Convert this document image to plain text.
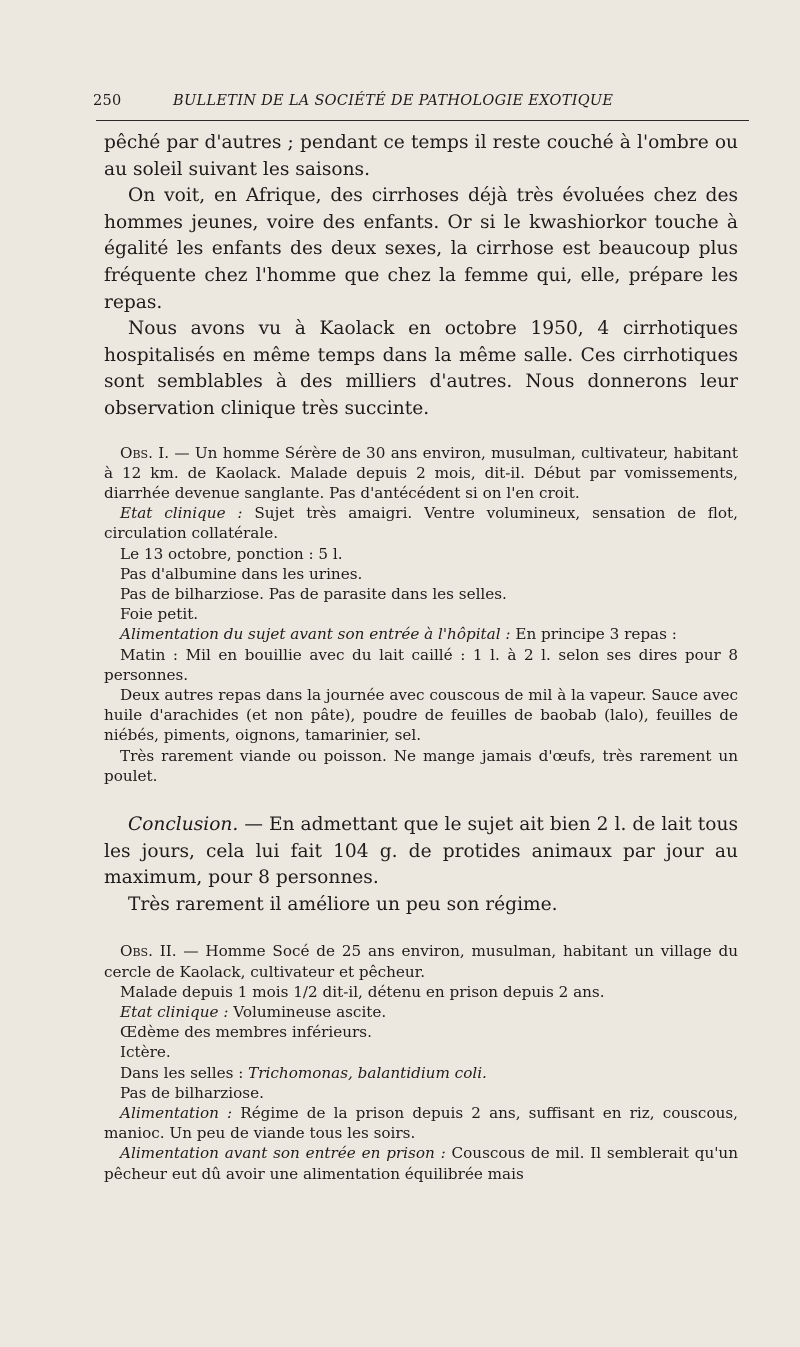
250	BULLETIN DE LA SOCIÉTÉ DE PATHOLOGIE EXOTIQUE

pêché par d'autres ; pendant ce temps il reste couché à l'ombre ou au soleil suivant les saisons.

On voit, en Afrique, des cirrhoses déjà très évoluées chez des hommes jeunes, voire des enfants. Or si le kwashiorkor touche à égalité les enfants des deux sexes, la cirrhose est beaucoup plus fréquente chez l'homme que chez la femme qui, elle, prépare les repas.

Nous avons vu à Kaolack en octobre 1950, 4 cirrhotiques hospitalisés en même temps dans la même salle. Ces cirrhotiques sont semblables à des milliers d'autres. Nous donnerons leur observation clinique très succinte.

Obs. I. — Un homme Sérère de 30 ans environ, musulman, cultivateur, habitant à 12 km. de Kaolack. Malade depuis 2 mois, dit-il. Début par vomissements, diarrhée devenue sanglante. Pas d'antécédent si on l'en croit.

Etat clinique : Sujet très amaigri. Ventre volumineux, sensation de flot, circulation collatérale.

Le 13 octobre, ponction : 5 l.

Pas d'albumine dans les urines.

Pas de bilharziose. Pas de parasite dans les selles.

Foie petit.

Alimentation du sujet avant son entrée à l'hôpital : En principe 3 repas :

Matin : Mil en bouillie avec du lait caillé : 1 l. à 2 l. selon ses dires pour 8 personnes.

Deux autres repas dans la journée avec couscous de mil à la vapeur. Sauce avec huile d'arachides (et non pâte), poudre de feuilles de baobab (lalo), feuilles de niébés, piments, oignons, tamarinier, sel.

Très rarement viande ou poisson. Ne mange jamais d'œufs, très rarement un poulet.

Conclusion. — En admettant que le sujet ait bien 2 l. de lait tous les jours, cela lui fait 104 g. de protides animaux par jour au maximum, pour 8 personnes.

Très rarement il améliore un peu son régime.

Obs. II. — Homme Socé de 25 ans environ, musulman, habitant un village du cercle de Kaolack, cultivateur et pêcheur.

Malade depuis 1 mois 1/2 dit-il, détenu en prison depuis 2 ans.

Etat clinique : Volumineuse ascite.

Œdème des membres inférieurs.

Ictère.

Dans les selles : Trichomonas, balantidium coli.

Pas de bilharziose.

Alimentation : Régime de la prison depuis 2 ans, suffisant en riz, couscous, manioc. Un peu de viande tous les soirs.

Alimentation avant son entrée en prison : Couscous de mil. Il semblerait qu'un pêcheur eut dû avoir une alimentation équilibrée mais
